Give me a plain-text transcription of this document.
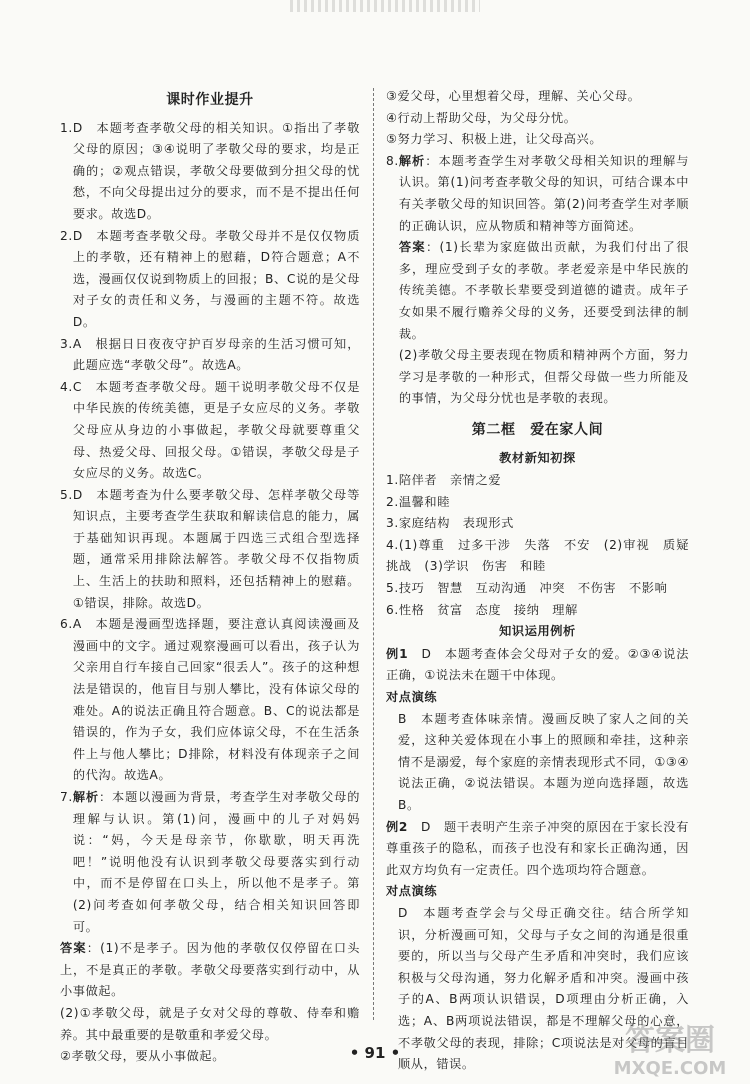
课时作业提升
1. D　本题考查孝敬父母的相关知识。①指出了孝敬父母的原因；③④说明了孝敬父母的要求，均是正确的；②观点错误，孝敬父母要做到分担父母的忧愁，不向父母提出过分的要求，而不是不提出任何要求。故选D。
2. D　本题考查孝敬父母。孝敬父母并不是仅仅物质上的孝敬，还有精神上的慰藉，D符合题意；A不选，漫画仅仅说到物质上的回报；B、C说的是父母对子女的责任和义务，与漫画的主题不符。故选D。
3. A　根据日日夜夜守护百岁母亲的生活习惯可知，此题应选“孝敬父母”。故选A。
4. C　本题考查孝敬父母。题干说明孝敬父母不仅是中华民族的传统美德，更是子女应尽的义务。孝敬父母应从身边的小事做起，孝敬父母就要尊重父母、热爱父母、回报父母。①错误，孝敬父母是子女应尽的义务。故选C。
5. D　本题考查为什么要孝敬父母、怎样孝敬父母等知识点，主要考查学生获取和解读信息的能力，属于基础知识再现。本题属于四选三式组合型选择题，通常采用排除法解答。孝敬父母不仅指物质上、生活上的扶助和照料，还包括精神上的慰藉。①错误，排除。故选D。
6. A　本题是漫画型选择题，要注意认真阅读漫画及漫画中的文字。通过观察漫画可以看出，孩子认为父亲用自行车接自己回家“很丢人”。孩子的这种想法是错误的，他盲目与别人攀比，没有体谅父母的难处。A的说法正确且符合题意。B、C的说法都是错误的，作为子女，我们应体谅父母，不在生活条件上与他人攀比；D排除，材料没有体现亲子之间的代沟。故选A。
7. 解析：本题以漫画为背景，考查学生对孝敬父母的理解与认识。第(1)问，漫画中的儿子对妈妈说：“妈，今天是母亲节，你歇歇，明天再洗吧！”说明他没有认识到孝敬父母要落实到行动中，而不是停留在口头上，所以他不是孝子。第(2)问考查如何孝敬父母，结合相关知识回答即可。
答案：(1)不是孝子。因为他的孝敬仅仅停留在口头上，不是真正的孝敬。孝敬父母要落实到行动中，从小事做起。
(2)①孝敬父母，就是子女对父母的尊敬、侍奉和赡养。其中最重要的是敬重和孝爱父母。
②孝敬父母，要从小事做起。
③爱父母，心里想着父母，理解、关心父母。
④行动上帮助父母，为父母分忧。
⑤努力学习、积极上进，让父母高兴。
8. 解析：本题考查学生对孝敬父母相关知识的理解与认识。第(1)问考查孝敬父母的知识，可结合课本中有关孝敬父母的知识回答。第(2)问考查学生对孝顺的正确认识，应从物质和精神等方面简述。
答案：(1)长辈为家庭做出贡献，为我们付出了很多，理应受到子女的孝敬。孝老爱亲是中华民族的传统美德。不孝敬长辈要受到道德的谴责。成年子女如果不履行赡养父母的义务，还要受到法律的制裁。
(2)孝敬父母主要表现在物质和精神两个方面，努力学习是孝敬的一种形式，但帮父母做一些力所能及的事情，为父母分忧也是孝敬的表现。
第二框　爱在家人间
教材新知初探
1.陪伴者　亲情之爱
2.温馨和睦
3.家庭结构　表现形式
4.(1)尊重　过多干涉　失落　不安　(2)审视　质疑　挑战　(3)学识　伤害　和睦
5.技巧　智慧　互动沟通　冲突　不伤害　不影响
6.性格　贫富　态度　接纳　理解
知识运用例析
例1　D　本题考查体会父母对子女的爱。②③④说法正确，①说法未在题干中体现。
对点演练
B　本题考查体味亲情。漫画反映了家人之间的关爱，这种关爱体现在小事上的照顾和牵挂，这种亲情不是溺爱，每个家庭的亲情表现形式不同，①③④说法正确，②说法错误。本题为逆向选择题，故选B。
例2　D　题干表明产生亲子冲突的原因在于家长没有尊重孩子的隐私，而孩子也没有和家长正确沟通，因此双方均负有一定责任。四个选项均符合题意。
对点演练
D　本题考查学会与父母正确交往。结合所学知识，分析漫画可知，父母与子女之间的沟通是很重要的，所以当与父母产生矛盾和冲突时，我们应该积极与父母沟通，努力化解矛盾和冲突。漫画中孩子的A、B两项认识错误，D项理由分析正确，入选；A、B两项说法错误，都是不理解父母的心意，不孝敬父母的表现，排除；C项说法是对父母的盲目顺从，错误。
• 91 •	答案圈
MXQE.COM
